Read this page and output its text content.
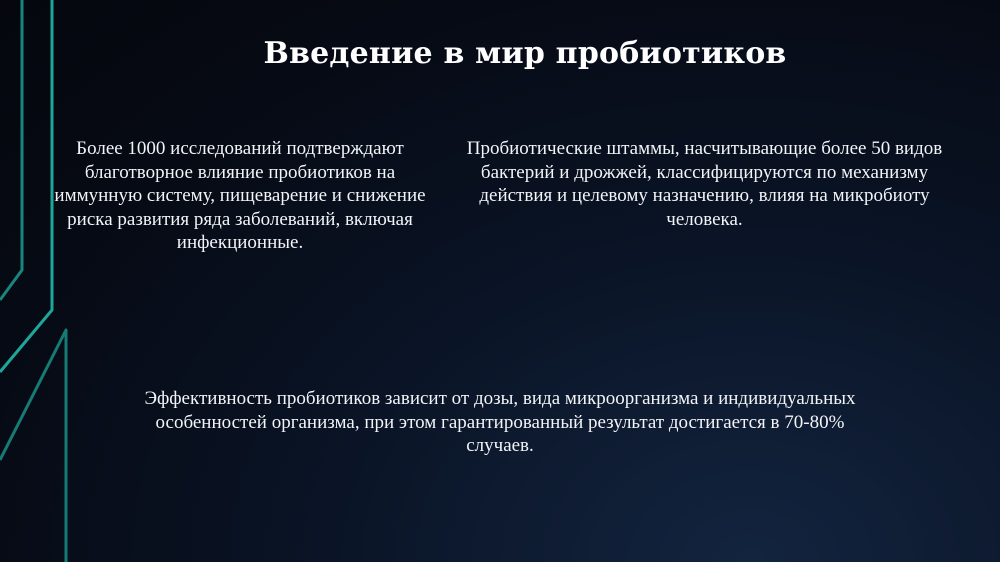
Введение в мир пробиотиков
Более 1000 исследований подтверждают благотворное влияние пробиотиков на иммунную систему, пищеварение и снижение риска развития ряда заболеваний, включая инфекционные.
Пробиотические штаммы, насчитывающие более 50 видов бактерий и дрожжей, классифицируются по механизму действия и целевому назначению, влияя на микробиоту человека.
Эффективность пробиотиков зависит от дозы, вида микроорганизма и индивидуальных особенностей организма, при этом гарантированный результат достигается в 70-80% случаев.
